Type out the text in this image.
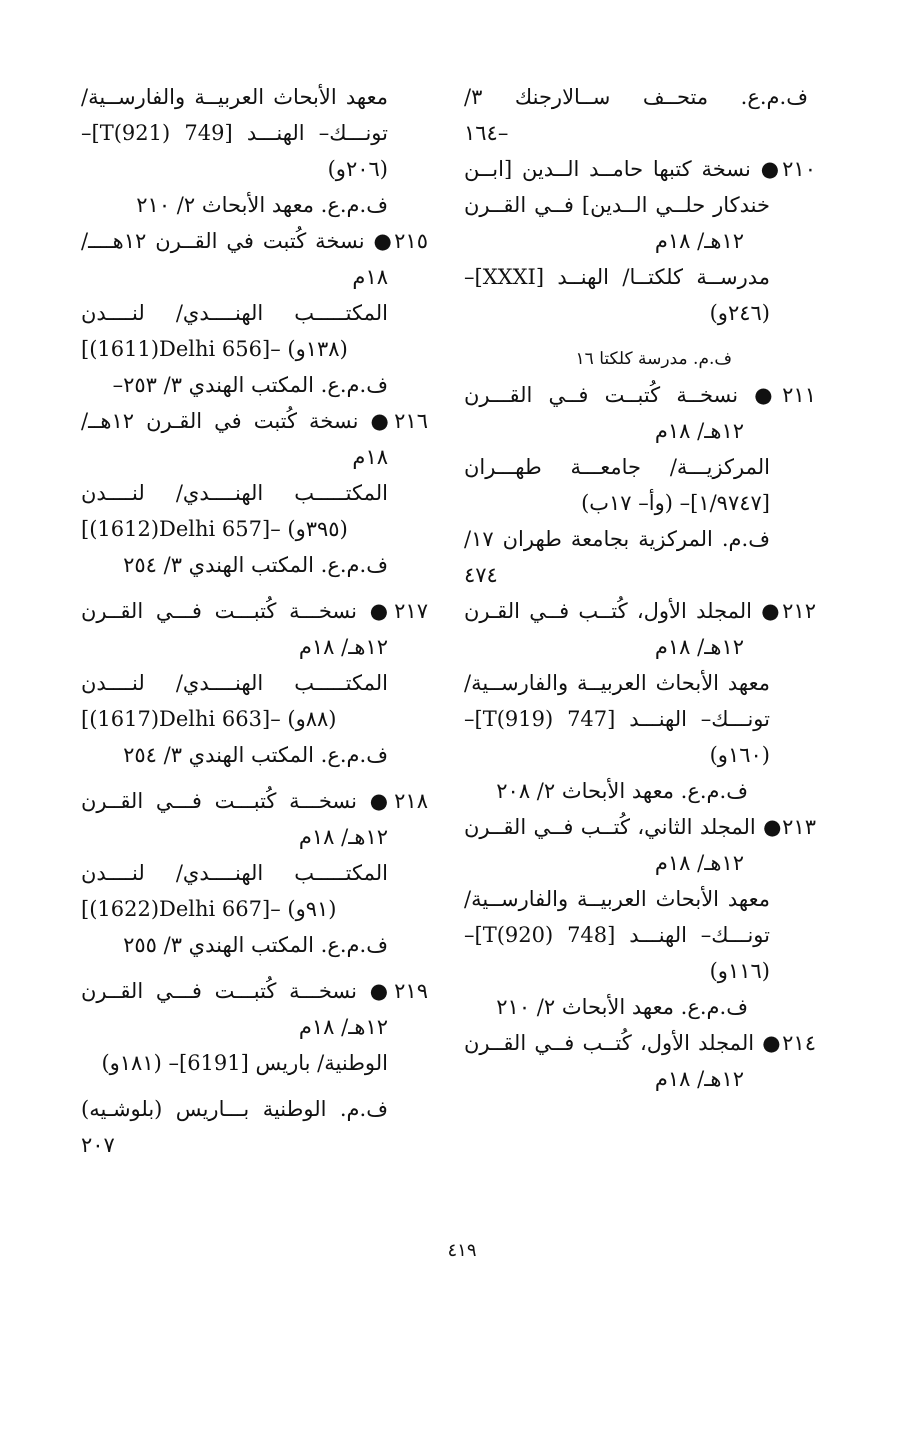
ف.م.ع. متحــف ســالارجنك ٣/
١٦٤–
٢١٠● نسخة كتبها حامــد الــدين [ابــن
خندكار حلــي الــدين] فــي القــرن
١٢هـ/ ١٨م
مدرســة كلكتــا/ الهنــد [XXXI]–
(٢٤٦و)
ف.م. مدرسة كلكتا ١٦
٢١١● نسخــة كُتبــت فــي القـــرن
١٢هـ/ ١٨م
المركزيـــة/ جامعـــة طهـــران
[١/٩٧٤٧]– (وأ– ١٧ب)
ف.م. المركزية بجامعة طهران ١٧/
٤٧٤
٢١٢● المجلد الأول، كُتــب فــي القـرن
١٢هـ/ ١٨م
معهد الأبحاث العربيــة والفارســية/
تونـــك– الهنـــد [747 T(919)]–
(١٦٠و)
ف.م.ع. معهد الأبحاث ٢/ ٢٠٨
٢١٣● المجلد الثاني، كُتــب فــي القــرن
١٢هـ/ ١٨م
معهد الأبحاث العربيــة والفارســية/
تونـــك– الهنـــد [748 T(920)]–
(١١٦و)
ف.م.ع. معهد الأبحاث ٢/ ٢١٠
٢١٤● المجلد الأول، كُتــب فــي القــرن
١٢هـ/ ١٨م
معهد الأبحاث العربيــة والفارســية/
تونـــك– الهنـــد [749 T(921)]–
(٢٠٦و)
ف.م.ع. معهد الأبحاث ٢/ ٢١٠
٢١٥● نسخة كُتبت في القــرن ١٢هــــ/
١٨م
المكتـــــب الهنــــدي/ لنــــدن
[(1611)Delhi 656]– (١٣٨و)
ف.م.ع. المكتب الهندي ٣/ ٢٥٣–
٢١٦● نسخة كُتبت في القـرن ١٢هــ/
١٨م
المكتـــــب الهنــــدي/ لنــــدن
[(1612)Delhi 657]– (٣٩٥و)
ف.م.ع. المكتب الهندي ٣/ ٢٥٤
٢١٧● نسخـــة كُتبـــت فـــي القــرن
١٢هـ/ ١٨م
المكتـــــب الهنــــدي/ لنــــدن
[(1617)Delhi 663]– (٨٨و)
ف.م.ع. المكتب الهندي ٣/ ٢٥٤
٢١٨● نسخـــة كُتبـــت فـــي القــرن
١٢هـ/ ١٨م
المكتـــــب الهنــــدي/ لنــــدن
[(1622)Delhi 667]– (٩١و)
ف.م.ع. المكتب الهندي ٣/ ٢٥٥
٢١٩● نسخـــة كُتبـــت فـــي القــرن
١٢هـ/ ١٨م
الوطنية/ باريس [6191]– (١٨١و)
ف.م. الوطنية بـــاريس (بلوشـيه)
٢٠٧
٤١٩
